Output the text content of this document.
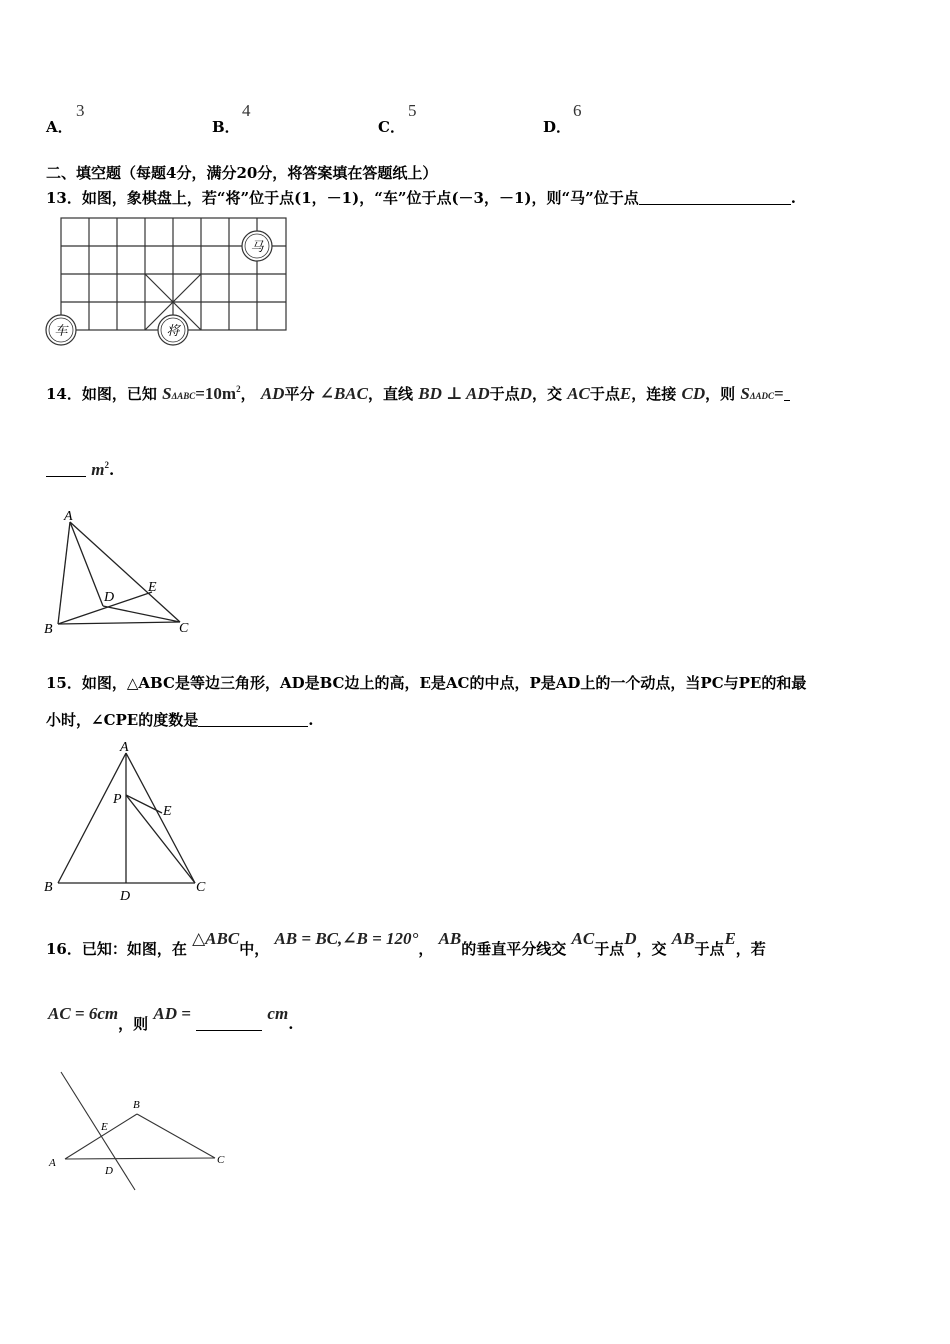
A．
3
B．
4
C．
5
D．
6
二、填空题（每题4分，满分20分，将答案填在答题纸上）
13．如图，象棋盘上，若“将”位于点(1，－1)，“车”位于点(－3，－1)，则“马”位于点	.
马
车	将
14．如图，已知 $S\Delta ABC=10m^2$， AD平分 ∠BAC，直线 BD ⊥ AD于点D，交 AC于点E，连接 CD，则 SΔADC=
$m^2$.
A
B	C
D
E
15．如图，△ABC是等边三角形，AD是BC边上的高，E是AC的中点，P是AD上的一个动点，当PC与PE的和最
小时，∠CPE的度数是	.
A
B	C
D
E
P
16．已知：如图，在 △ABC中， AB = BC,∠B = 120°， AB的垂直平分线交 AC于点D，交 AB于点E，若
AC = 6cm，则 AD =	cm.
A
B
C
D
E
